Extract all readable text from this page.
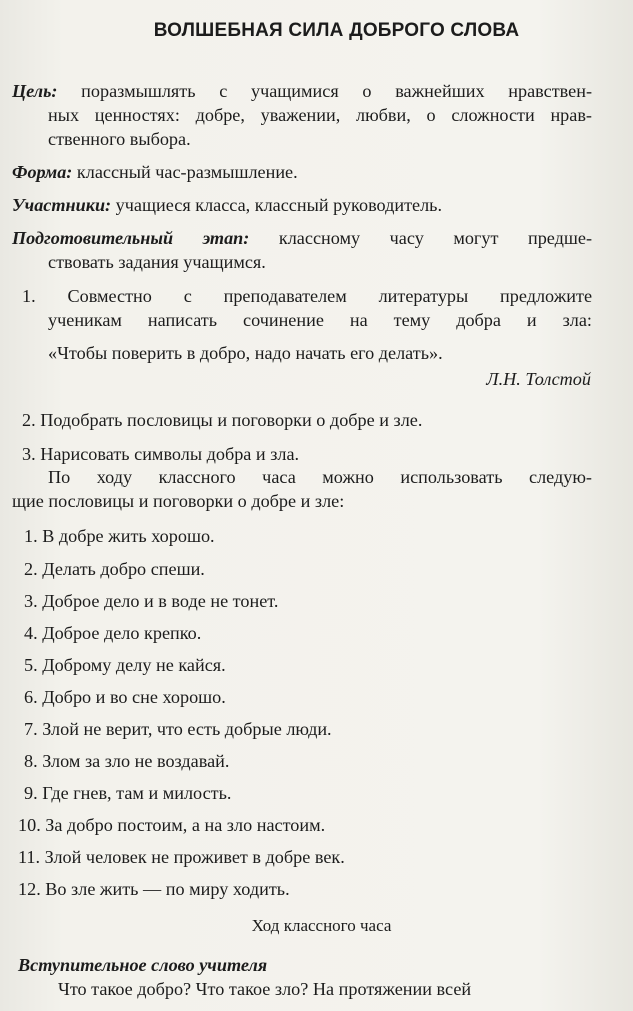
ВОЛШЕБНАЯ СИЛА ДОБРОГО СЛОВА
Цель: поразмышлять с учащимися о важнейших нравствен-
ных ценностях: добре, уважении, любви, о сложности нрав-
ственного выбора.
Форма: классный час-размышление.
Участники: учащиеся класса, классный руководитель.
Подготовительный этап: классному часу могут предше-
ствовать задания учащимся.
1. Совместно с преподавателем литературы предложите
ученикам написать сочинение на тему добра и зла:
«Чтобы поверить в добро, надо начать его делать».
Л.Н. Толстой
2. Подобрать пословицы и поговорки о добре и зле.
3. Нарисовать символы добра и зла.
По ходу классного часа можно использовать следую-
щие пословицы и поговорки о добре и зле:
1. В добре жить хорошо.
2. Делать добро спеши.
3. Доброе дело и в воде не тонет.
4. Доброе дело крепко.
5. Доброму делу не кайся.
6. Добро и во сне хорошо.
7. Злой не верит, что есть добрые люди.
8. Злом за зло не воздавай.
9. Где гнев, там и милость.
10. За добро постоим, а на зло настоим.
11. Злой человек не проживет в добре век.
12. Во зле жить — по миру ходить.
Ход классного часа
Вступительное слово учителя
Что такое добро? Что такое зло? На протяжении всей
